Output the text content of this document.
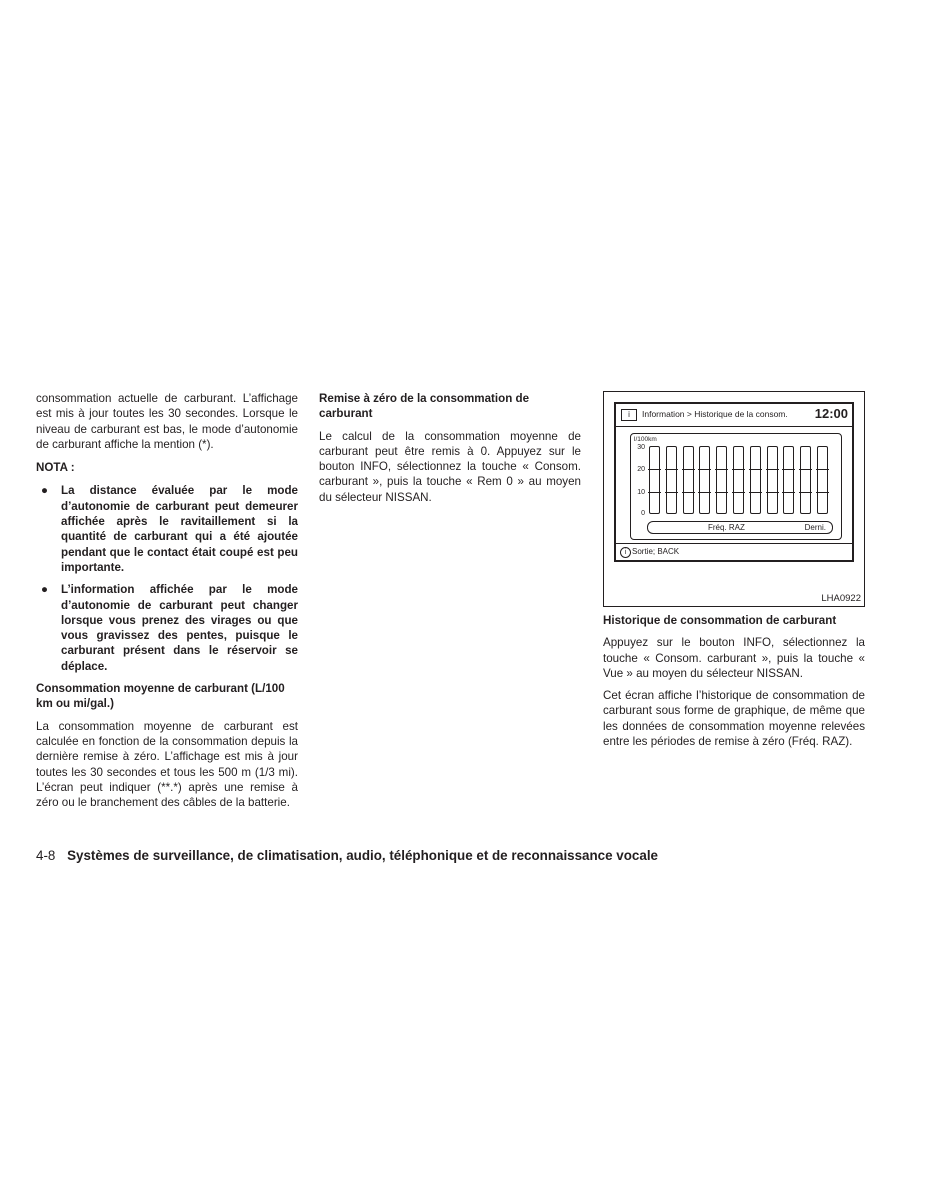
consommation actuelle de carburant. L’affichage est mis à jour toutes les 30 secondes. Lorsque le niveau de carburant est bas, le mode d’autonomie de carburant affiche la mention (*).

NOTA :
● La distance évaluée par le mode d’autonomie de carburant peut demeurer affichée après le ravitaillement si la quantité de carburant qui a été ajoutée pendant que le contact était coupé est peu importante.
● L’information affichée par le mode d’autonomie de carburant peut changer lorsque vous prenez des virages ou que vous gravissez des pentes, puisque le carburant présent dans le réservoir se déplace.
Consommation moyenne de carburant (L/100 km ou mi/gal.)

La consommation moyenne de carburant est calculée en fonction de la consommation depuis la dernière remise à zéro. L’affichage est mis à jour toutes les 30 secondes et tous les 500 m (1/3 mi). L’écran peut indiquer (**.*) après une remise à zéro ou le branchement des câbles de la batterie.

Remise à zéro de la consommation de carburant

Le calcul de la consommation moyenne de carburant peut être remis à 0. Appuyez sur le bouton INFO, sélectionnez la touche « Consom. carburant », puis la touche « Rem 0 » au moyen du sélecteur NISSAN.

i	Information > Historique de la consom. 12:00
l/100km
30
20
10
0
Fréq. RAZ	Derni.
i Sortie; BACK
LHA0922
Historique de consommation de carburant

Appuyez sur le bouton INFO, sélectionnez la touche « Consom. carburant », puis la touche « Vue » au moyen du sélecteur NISSAN.

Cet écran affiche l’historique de consommation de carburant sous forme de graphique, de même que les données de consommation moyenne relevées entre les périodes de remise à zéro (Fréq. RAZ).

4-8 Systèmes de surveillance, de climatisation, audio, téléphonique et de reconnaissance vocale
